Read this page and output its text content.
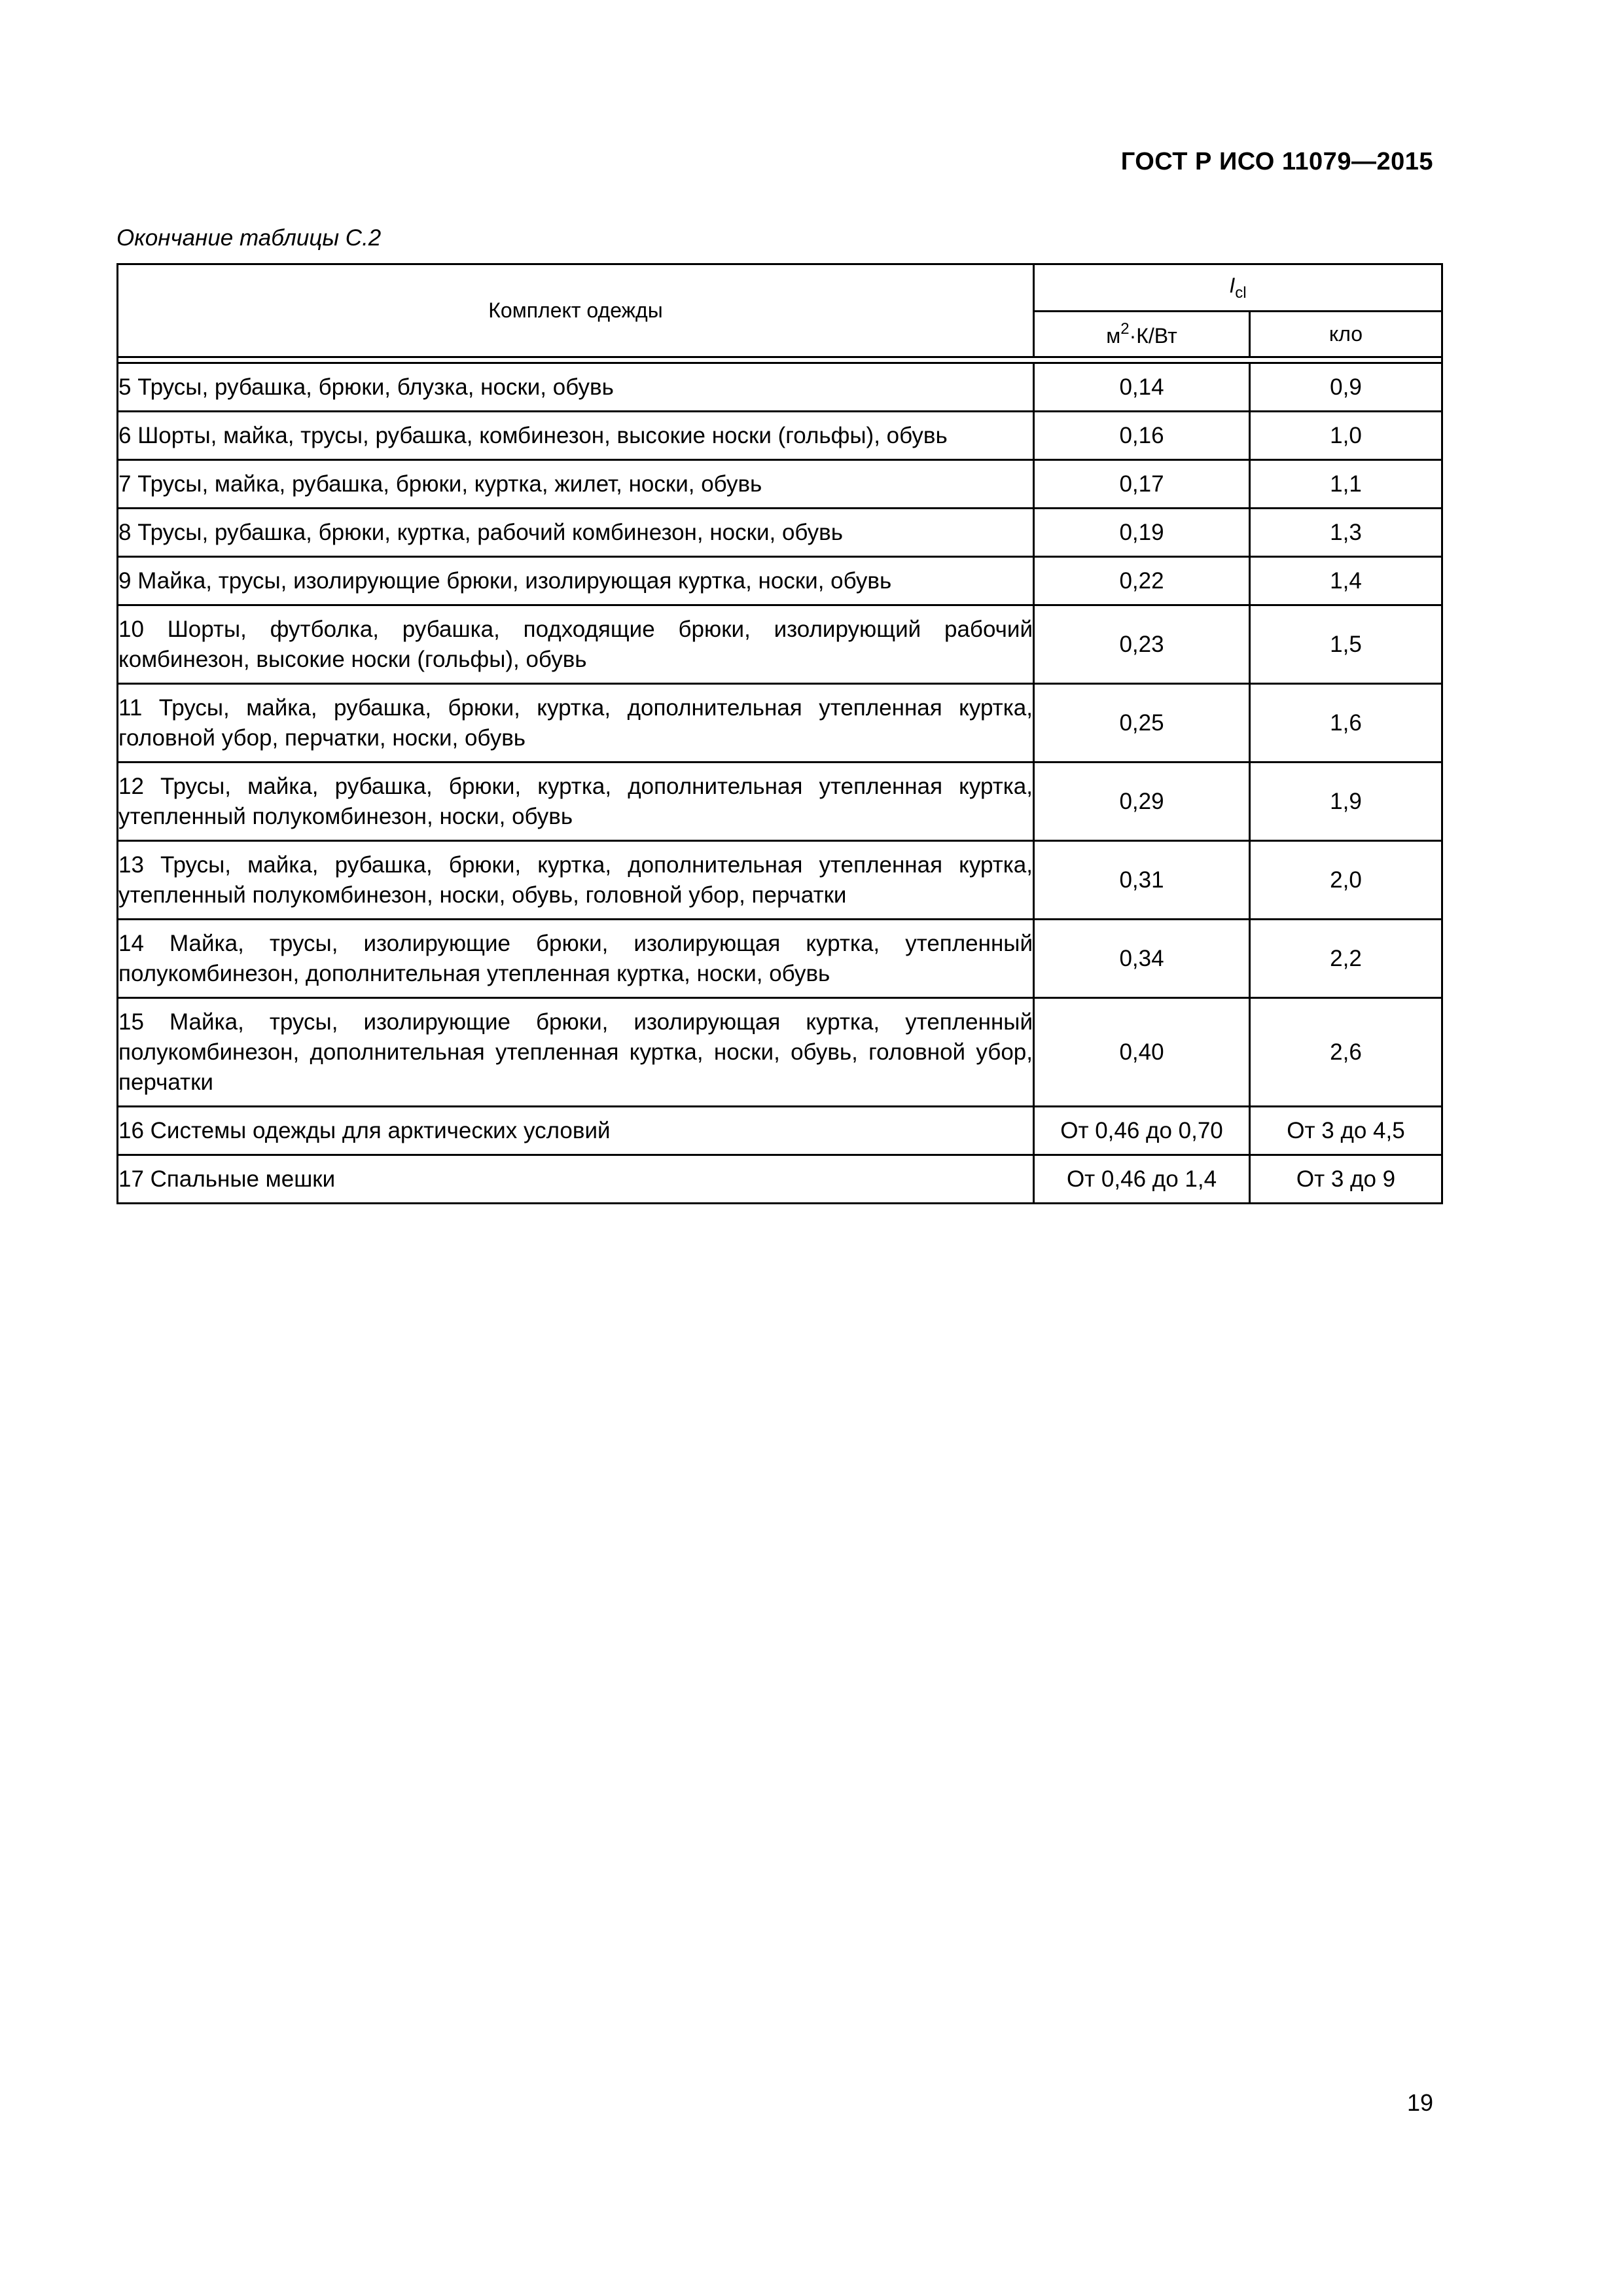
ГОСТ Р ИСО 11079—2015
Окончание таблицы С.2
Комплект одежды	$I_{cl}$
	$м^2\cdot К/Вт$	кло

5 Трусы, рубашка, брюки, блузка, носки, обувь	0,14	0,9
6 Шорты, майка, трусы, рубашка, комбинезон, высокие носки (гольфы), обувь	0,16	1,0
7 Трусы, майка, рубашка, брюки, куртка, жилет, носки, обувь	0,17	1,1
8 Трусы, рубашка, брюки, куртка, рабочий комбинезон, носки, обувь	0,19	1,3
9 Майка, трусы, изолирующие брюки, изолирующая куртка, носки, обувь	0,22	1,4
10 Шорты, футболка, рубашка, подходящие брюки, изолирующий рабочий комбинезон, высокие носки (гольфы), обувь	0,23	1,5
11 Трусы, майка, рубашка, брюки, куртка, дополнительная утепленная куртка, головной убор, перчатки, носки, обувь	0,25	1,6
12 Трусы, майка, рубашка, брюки, куртка, дополнительная утепленная куртка, утепленный полукомбинезон, носки, обувь	0,29	1,9
13 Трусы, майка, рубашка, брюки, куртка, дополнительная утепленная куртка, утепленный полукомбинезон, носки, обувь, головной убор, перчатки	0,31	2,0
14 Майка, трусы, изолирующие брюки, изолирующая куртка, утепленный полукомбинезон, дополнительная утепленная куртка, носки, обувь	0,34	2,2
15 Майка, трусы, изолирующие брюки, изолирующая куртка, утепленный полукомбинезон, дополнительная утепленная куртка, носки, обувь, головной убор, перчатки	0,40	2,6
16 Системы одежды для арктических условий	От 0,46 до 0,70	От 3 до 4,5
17 Спальные мешки	От 0,46 до 1,4	От 3 до 9
19
